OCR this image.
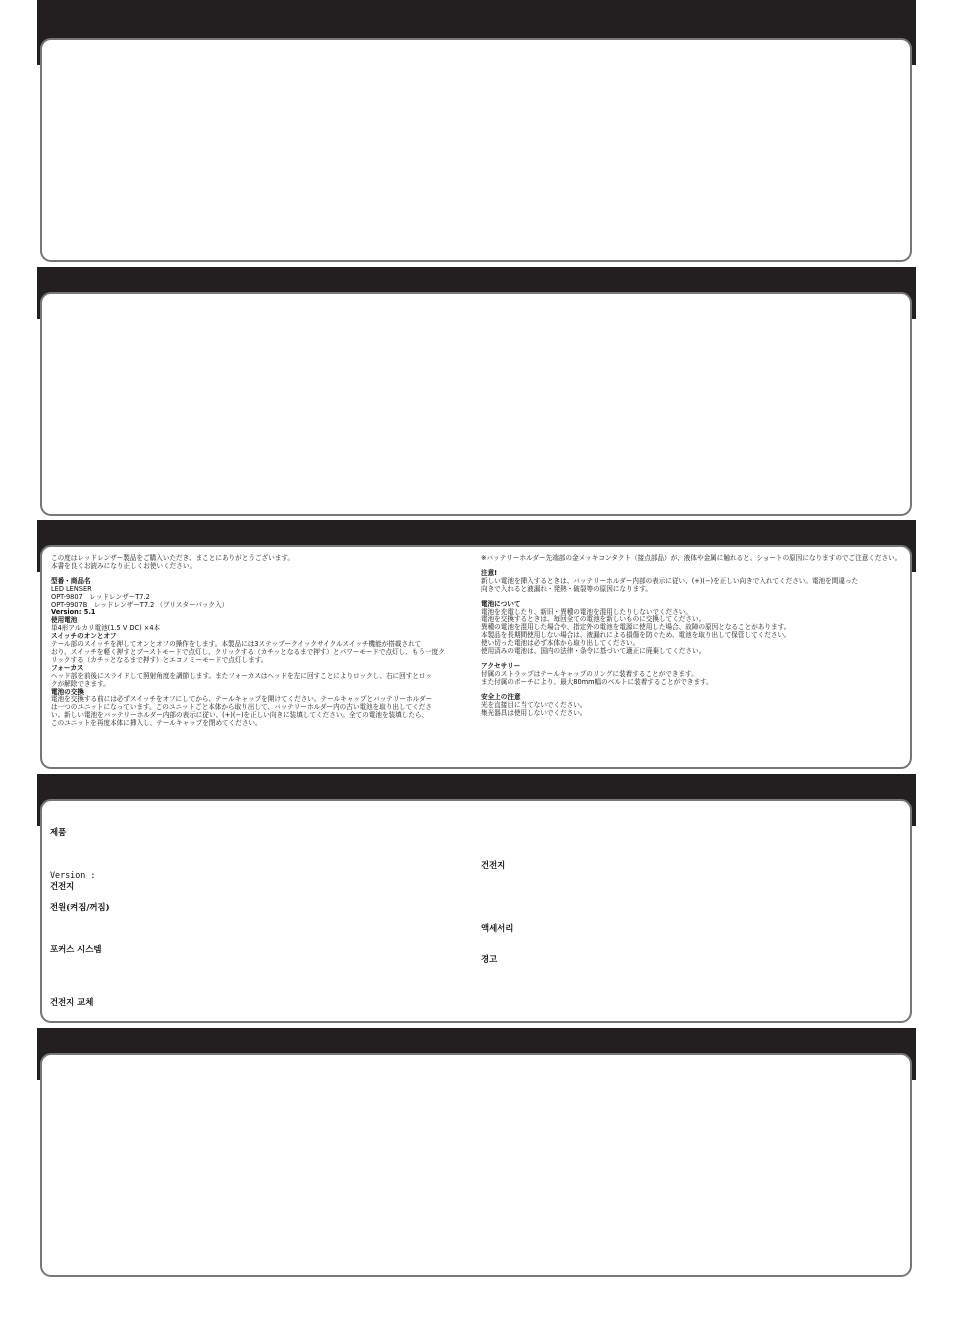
この度はレッドレンザー製品をご購入いただき、まことにありがとうございます。
本書を良くお読みになり正しくお使いください。

型番・商品名

LED LENSER
OPT-9807　レッドレンザーT7.2
OPT-9907B　レッドレンザーT7.2 （ブリスターパック入）

Version: 5.1

使用電池

単4形アルカリ電池(1.5 V DC) ×4本

スイッチのオンとオフ

テール部のスイッチを押してオンとオフの操作をします。本製品には3ステップークイックサイクルスイッチ機能が搭載されて
おり、スイッチを軽く押すとブーストモードで点灯し、クリックする（カチッとなるまで押す）とパワーモードで点灯し、もう一度ク
リックする（カチッとなるまで押す）とエコノミーモードで点灯します。

フォーカス

ヘッド部を前後にスライドして照射角度を調節します。またフォーカスはヘッドを左に回すことによりロックし、右に回すとロッ
クが解除できます。

電池の交換

電池を交換する前には必ずスイッチをオフにしてから、テールキャップを開けてください。テールキャップとバッテリーホルダー
は一つのユニットになっています。このユニットごと本体から取り出して、バッテリーホルダー内の古い電池を取り出してくださ
い。新しい電池をバッテリーホルダー内部の表示に従い、(+)(−)を正しい向きに装填してください。全ての電池を装填したら、
このユニットを再度本体に挿入し、テールキャップを閉めてください。

※バッテリーホルダー先端部の金メッキコンタクト（接点部品）が、液体や金属に触れると、ショートの原因になりますのでご注意ください。

注意!

新しい電池を挿入するときは、バッテリーホルダー内部の表示に従い、(+)(−)を正しい向きで入れてください。電池を間違った
向きで入れると液漏れ・発熱・破裂等の原因になります。

電池について

電池を充電したり、新旧・異種の電池を混用したりしないでください。
電池を交換するときは、毎回全ての電池を新しいものに交換してください。
異種の電池を混用した場合や、指定外の電池を電源に使用した場合、故障の原因となることがあります。
本製品を長期間使用しない場合は、液漏れによる損傷を防ぐため、電池を取り出して保管してください。
使い切った電池は必ず本体から取り出してください。
使用済みの電池は、国内の法律・条令に基づいて適正に廃棄してください。

アクセサリー

付属のストラップはテールキャップのリングに装着することができます。
また付属のポーチにより、最大80mm幅のベルトに装着することができます。

安全上の注意

光を直接目に当てないでください。
集光器具は使用しないでください。

제품
Version :
건전지
전원(켜짐/꺼짐)
포커스 시스템
건전지 교체
건전지
액세서리
경고
